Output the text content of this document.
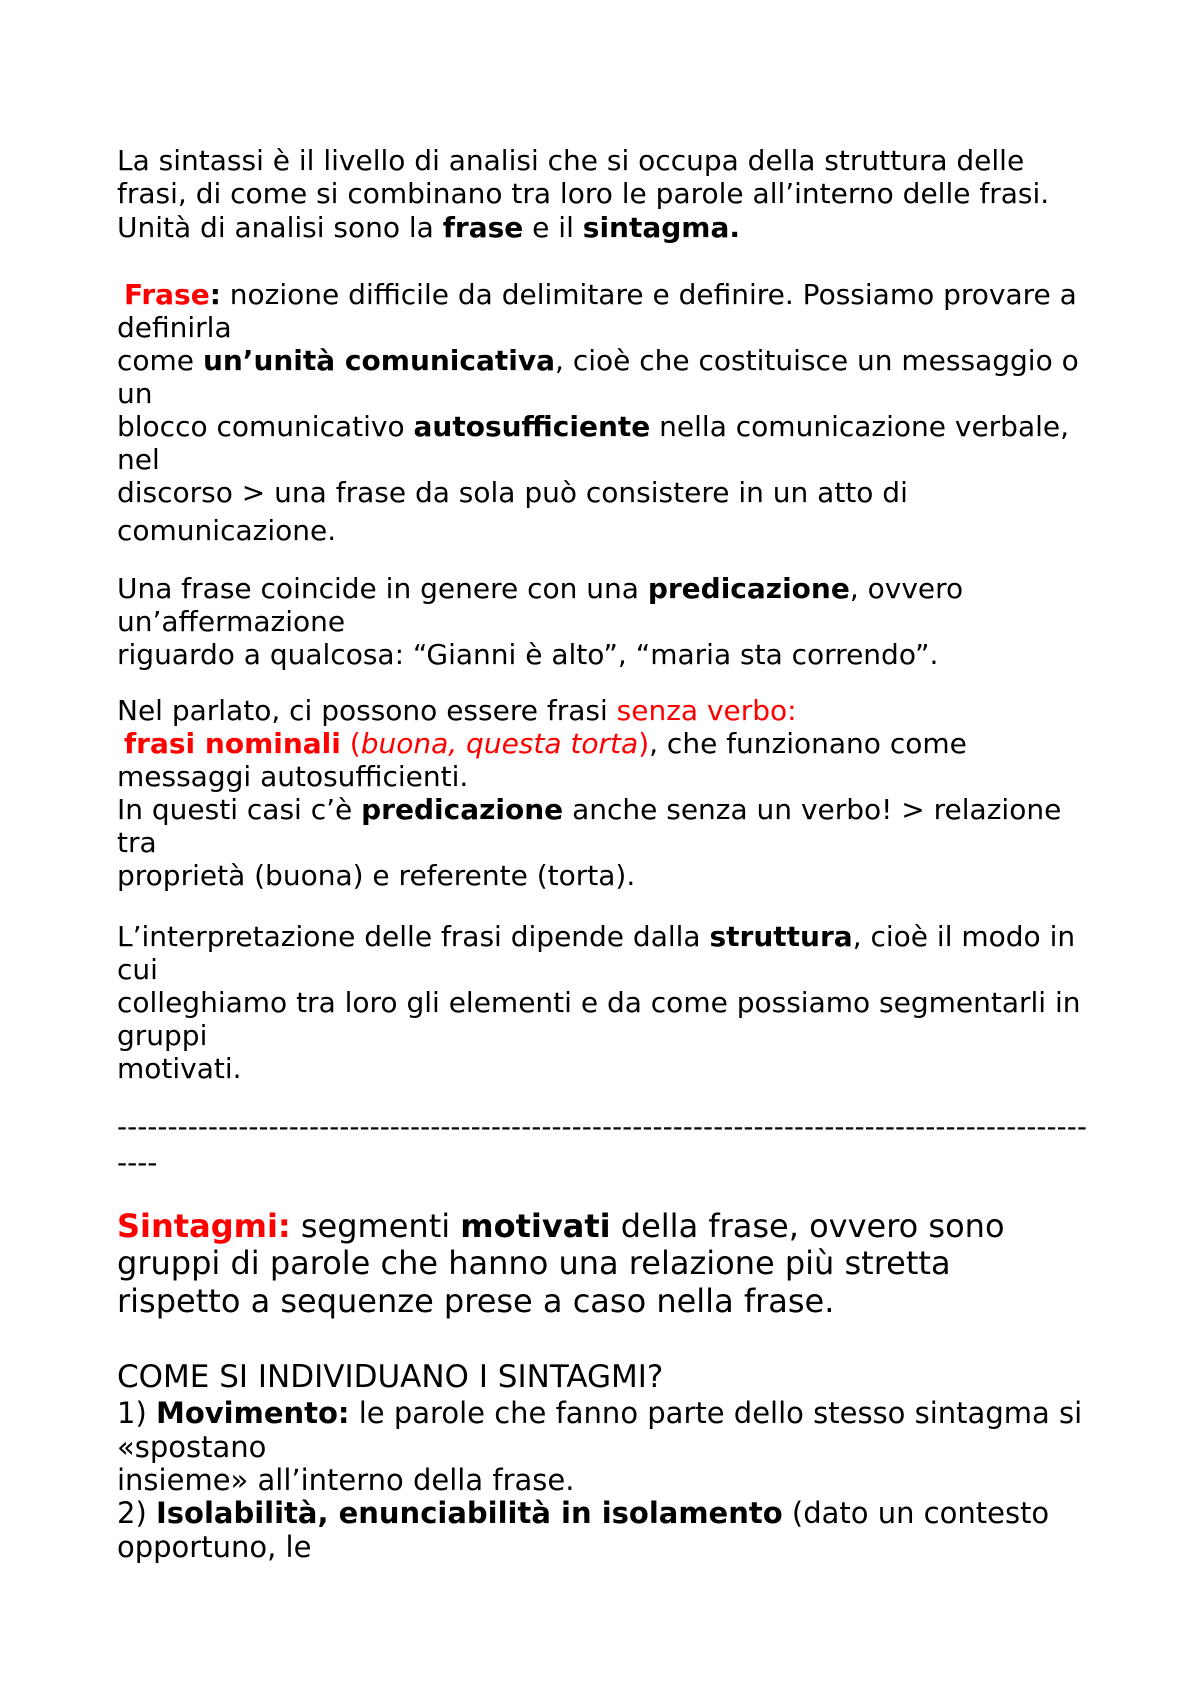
La sintassi è il livello di analisi che si occupa della struttura delle
frasi, di come si combinano tra loro le parole all’interno delle frasi.
Unità di analisi sono la frase e il sintagma.
Frase: nozione difficile da delimitare e definire. Possiamo provare a
definirla
come un’unità comunicativa, cioè che costituisce un messaggio o
un
blocco comunicativo autosufficiente nella comunicazione verbale,
nel
discorso > una frase da sola può consistere in un atto di
comunicazione.
Una frase coincide in genere con una predicazione, ovvero
un’affermazione
riguardo a qualcosa: “Gianni è alto”, “maria sta correndo”.
Nel parlato, ci possono essere frasi senza verbo:
frasi nominali (buona, questa torta), che funzionano come
messaggi autosufficienti.
In questi casi c’è predicazione anche senza un verbo! > relazione
tra
proprietà (buona) e referente (torta).
L’interpretazione delle frasi dipende dalla struttura, cioè il modo in
cui
colleghiamo tra loro gli elementi e da come possiamo segmentarli in
gruppi
motivati.
------------------------------------------------------------------------------------------------
----
Sintagmi: segmenti motivati della frase, ovvero sono
gruppi di parole che hanno una relazione più stretta
rispetto a sequenze prese a caso nella frase.
COME SI INDIVIDUANO I SINTAGMI?
1) Movimento: le parole che fanno parte dello stesso sintagma si
«spostano
insieme» all’interno della frase.
2) Isolabilità, enunciabilità in isolamento (dato un contesto
opportuno, le
